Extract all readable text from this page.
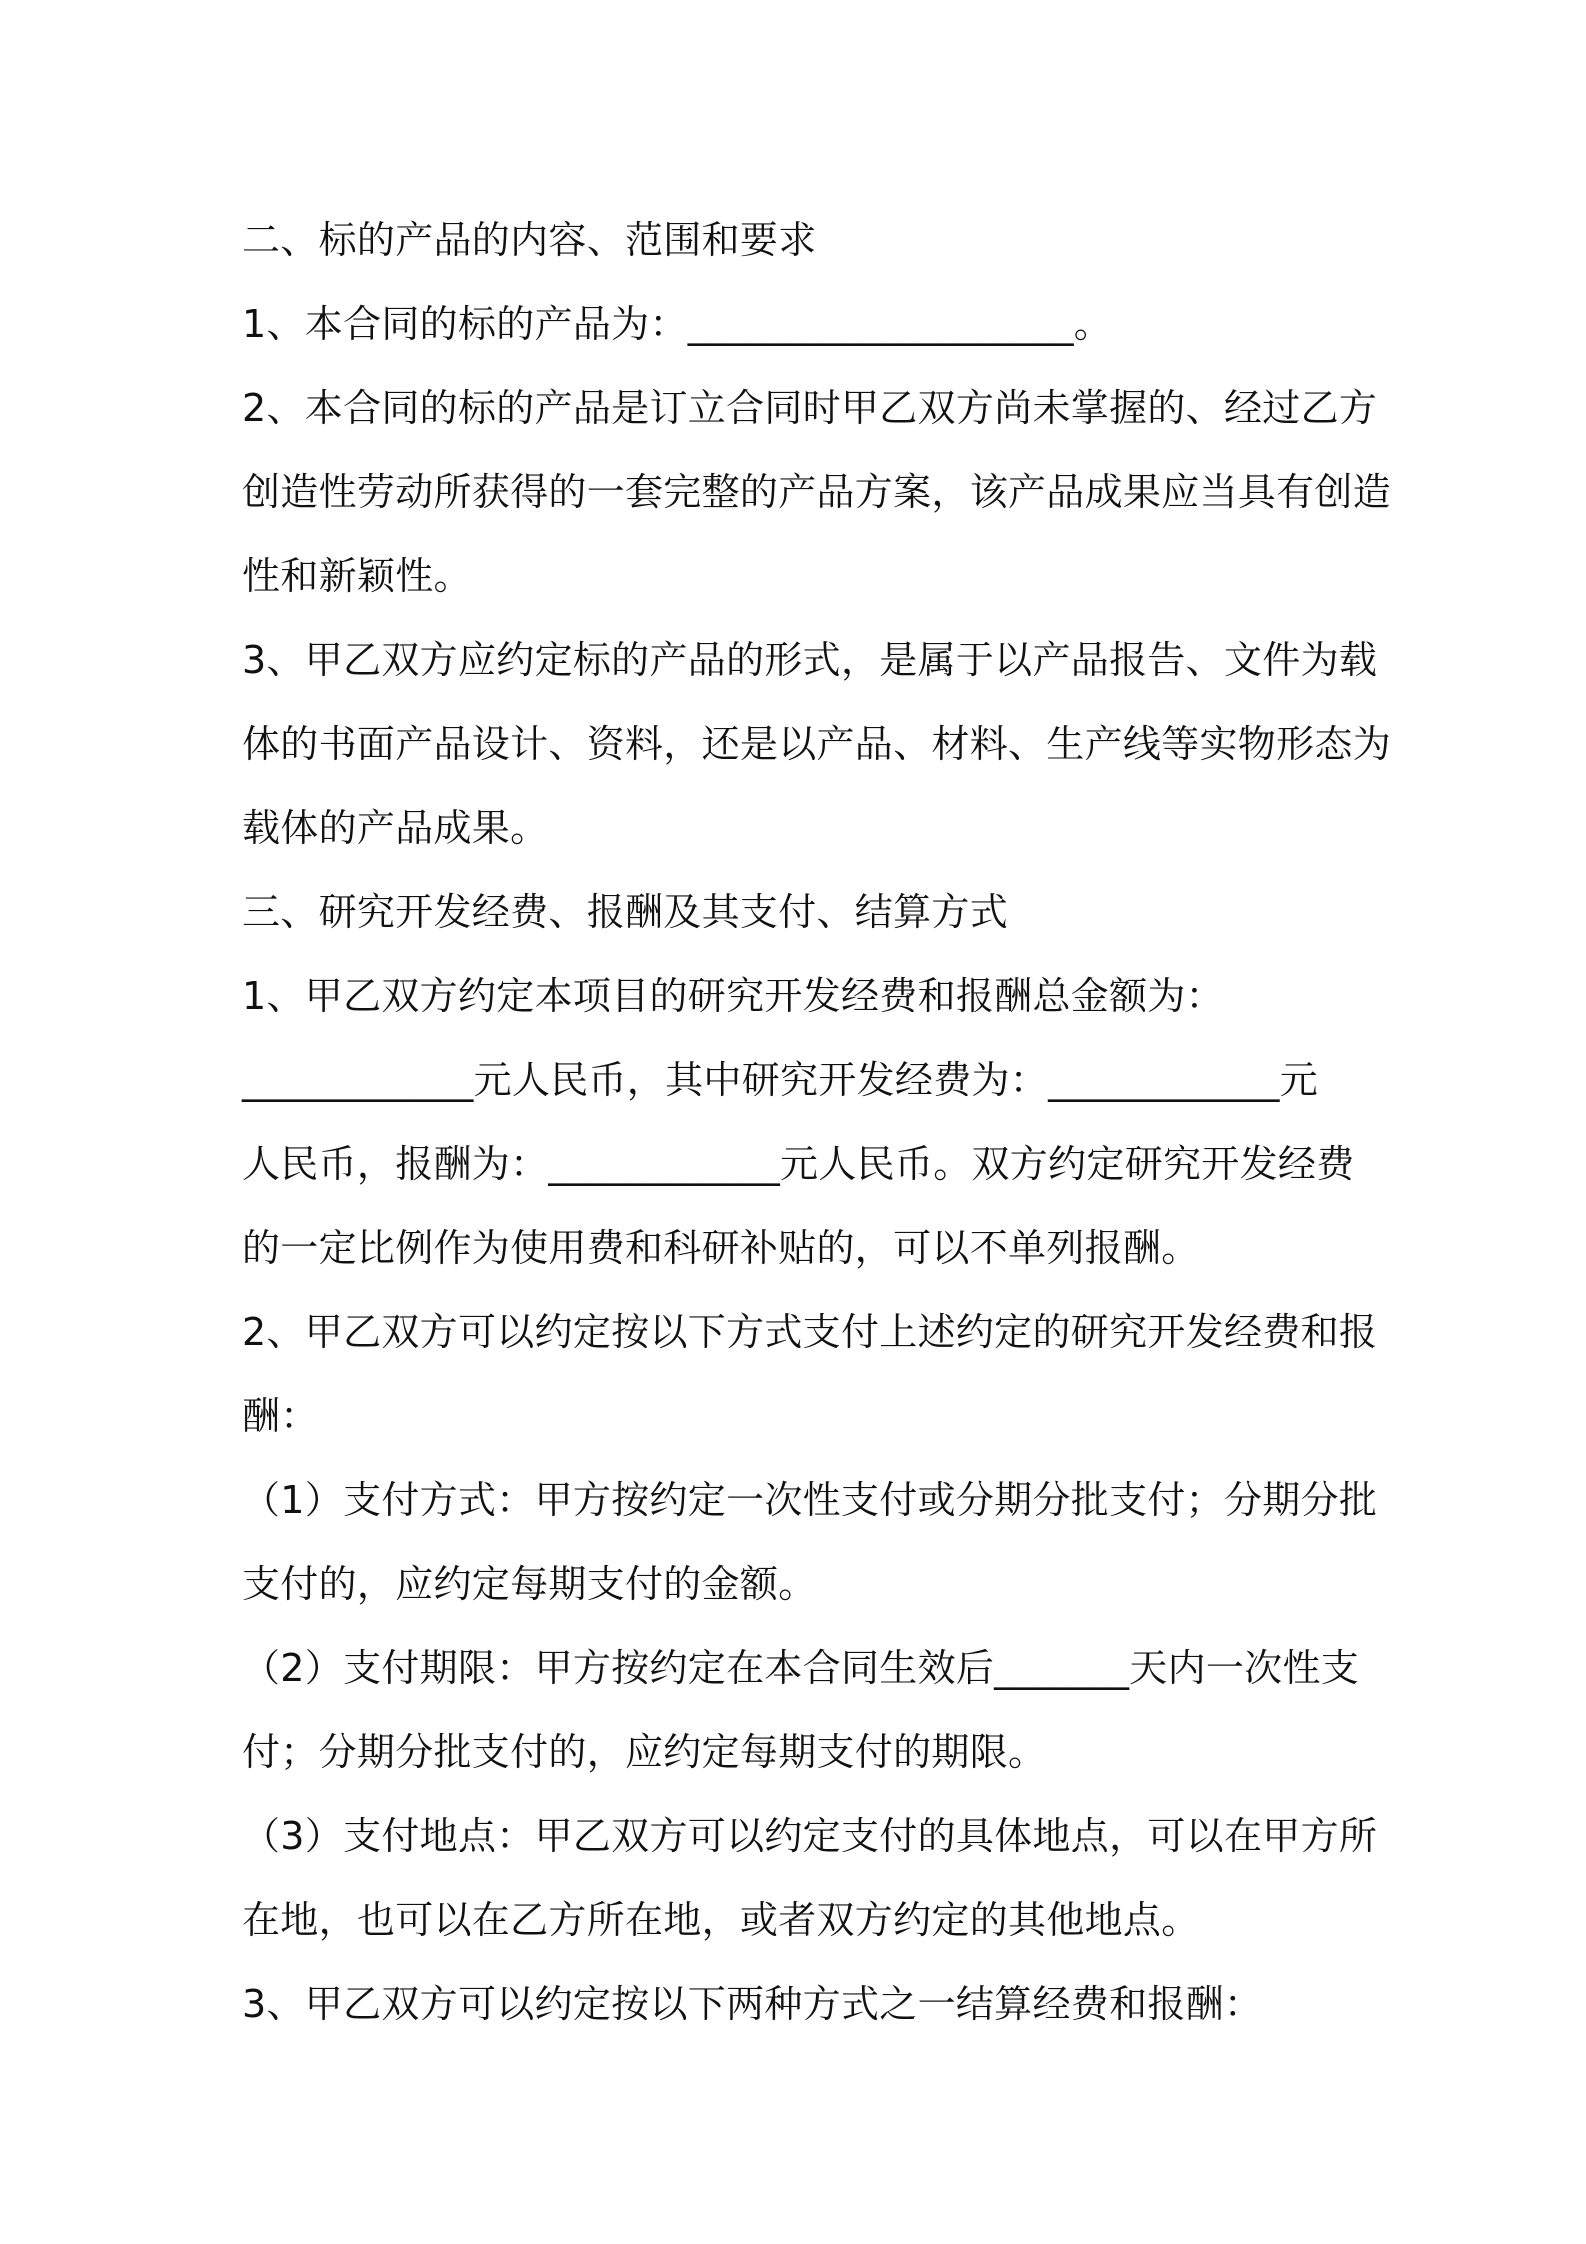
二、标的产品的内容、范围和要求
1、本合同的标的产品为：____________________。
2、本合同的标的产品是订立合同时甲乙双方尚未掌握的、经过乙方
创造性劳动所获得的一套完整的产品方案，该产品成果应当具有创造
性和新颖性。
3、甲乙双方应约定标的产品的形式，是属于以产品报告、文件为载
体的书面产品设计、资料，还是以产品、材料、生产线等实物形态为
载体的产品成果。
三、研究开发经费、报酬及其支付、结算方式
1、甲乙双方约定本项目的研究开发经费和报酬总金额为：
____________元人民币，其中研究开发经费为：____________元
人民币，报酬为：____________元人民币。双方约定研究开发经费
的一定比例作为使用费和科研补贴的，可以不单列报酬。
2、甲乙双方可以约定按以下方式支付上述约定的研究开发经费和报
酬：
（1）支付方式：甲方按约定一次性支付或分期分批支付；分期分批
支付的，应约定每期支付的金额。
（2）支付期限：甲方按约定在本合同生效后_______天内一次性支
付；分期分批支付的，应约定每期支付的期限。
（3）支付地点：甲乙双方可以约定支付的具体地点，可以在甲方所
在地，也可以在乙方所在地，或者双方约定的其他地点。
3、甲乙双方可以约定按以下两种方式之一结算经费和报酬：
